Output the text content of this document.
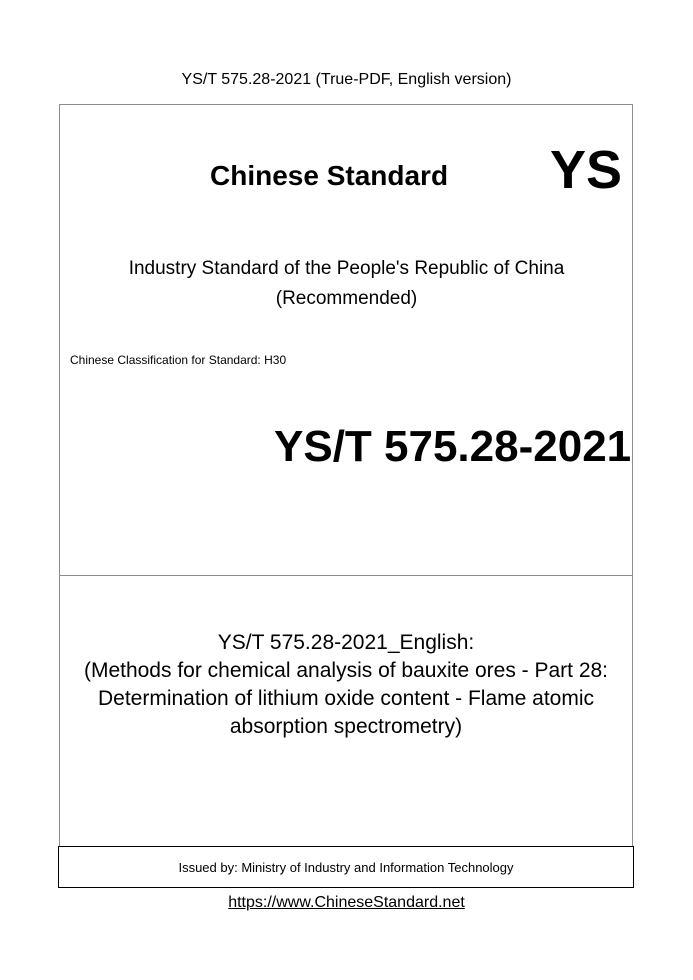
YS/T 575.28-2021 (True-PDF, English version)
Chinese Standard YS
Industry Standard of the People's Republic of China
(Recommended)
Chinese Classification for Standard: H30
YS/T 575.28-2021
YS/T 575.28-2021_English:
(Methods for chemical analysis of bauxite ores - Part 28:
Determination of lithium oxide content - Flame atomic
absorption spectrometry)
Issued by: Ministry of Industry and Information Technology
https://www.ChineseStandard.net
